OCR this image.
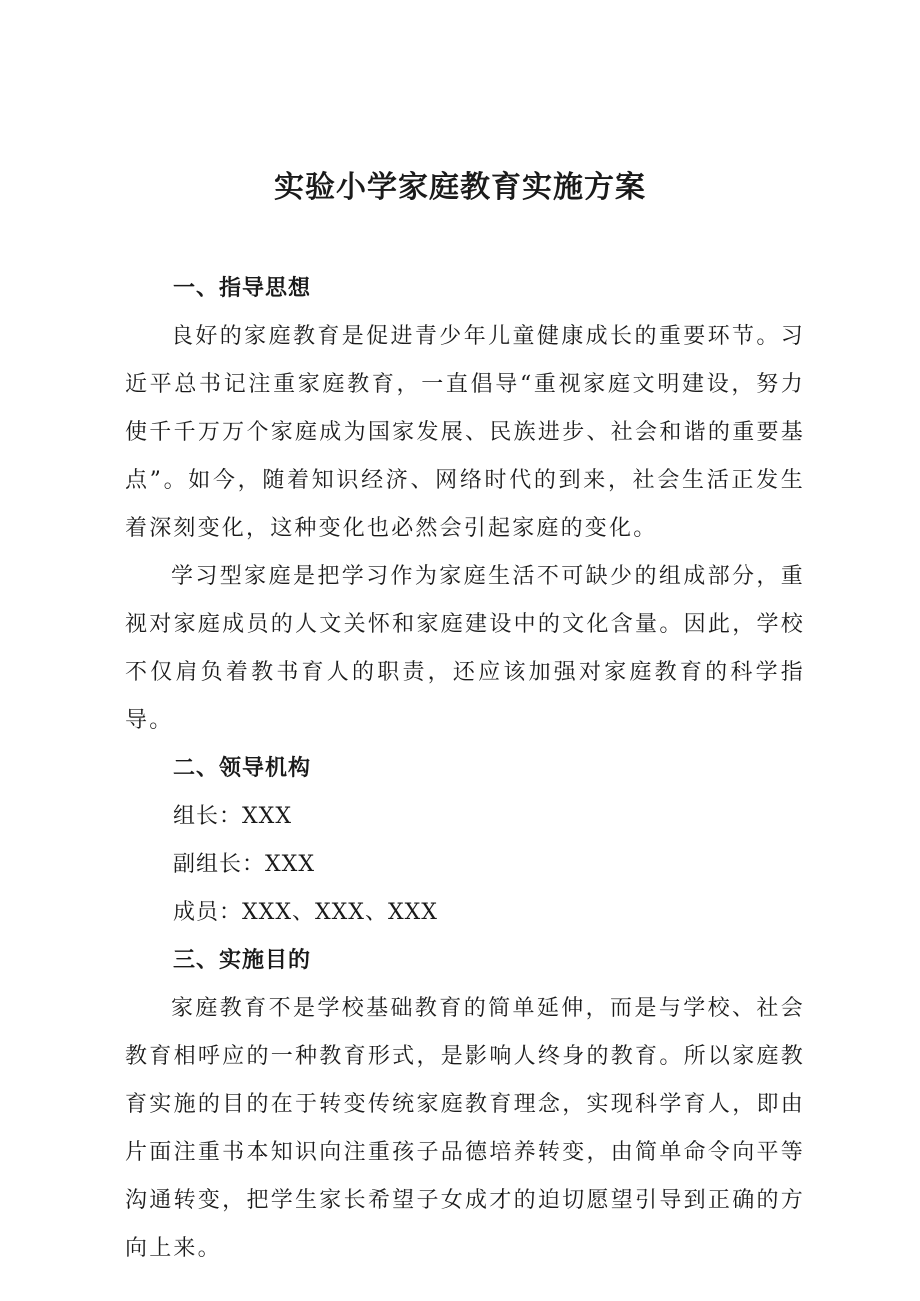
实验小学家庭教育实施方案
一、指导思想

良好的家庭教育是促进青少年儿童健康成长的重要环节。习近平总书记注重家庭教育，一直倡导“重视家庭文明建设，努力使千千万万个家庭成为国家发展、民族进步、社会和谐的重要基点”。如今，随着知识经济、网络时代的到来，社会生活正发生着深刻变化，这种变化也必然会引起家庭的变化。

学习型家庭是把学习作为家庭生活不可缺少的组成部分，重视对家庭成员的人文关怀和家庭建设中的文化含量。因此，学校不仅肩负着教书育人的职责，还应该加强对家庭教育的科学指导。

二、领导机构

组长：XXX

副组长：XXX

成员：XXX、XXX、XXX

三、实施目的

家庭教育不是学校基础教育的简单延伸，而是与学校、社会教育相呼应的一种教育形式，是影响人终身的教育。所以家庭教育实施的目的在于转变传统家庭教育理念，实现科学育人，即由片面注重书本知识向注重孩子品德培养转变，由简单命令向平等沟通转变，把学生家长希望子女成才的迫切愿望引导到正确的方向上来。
